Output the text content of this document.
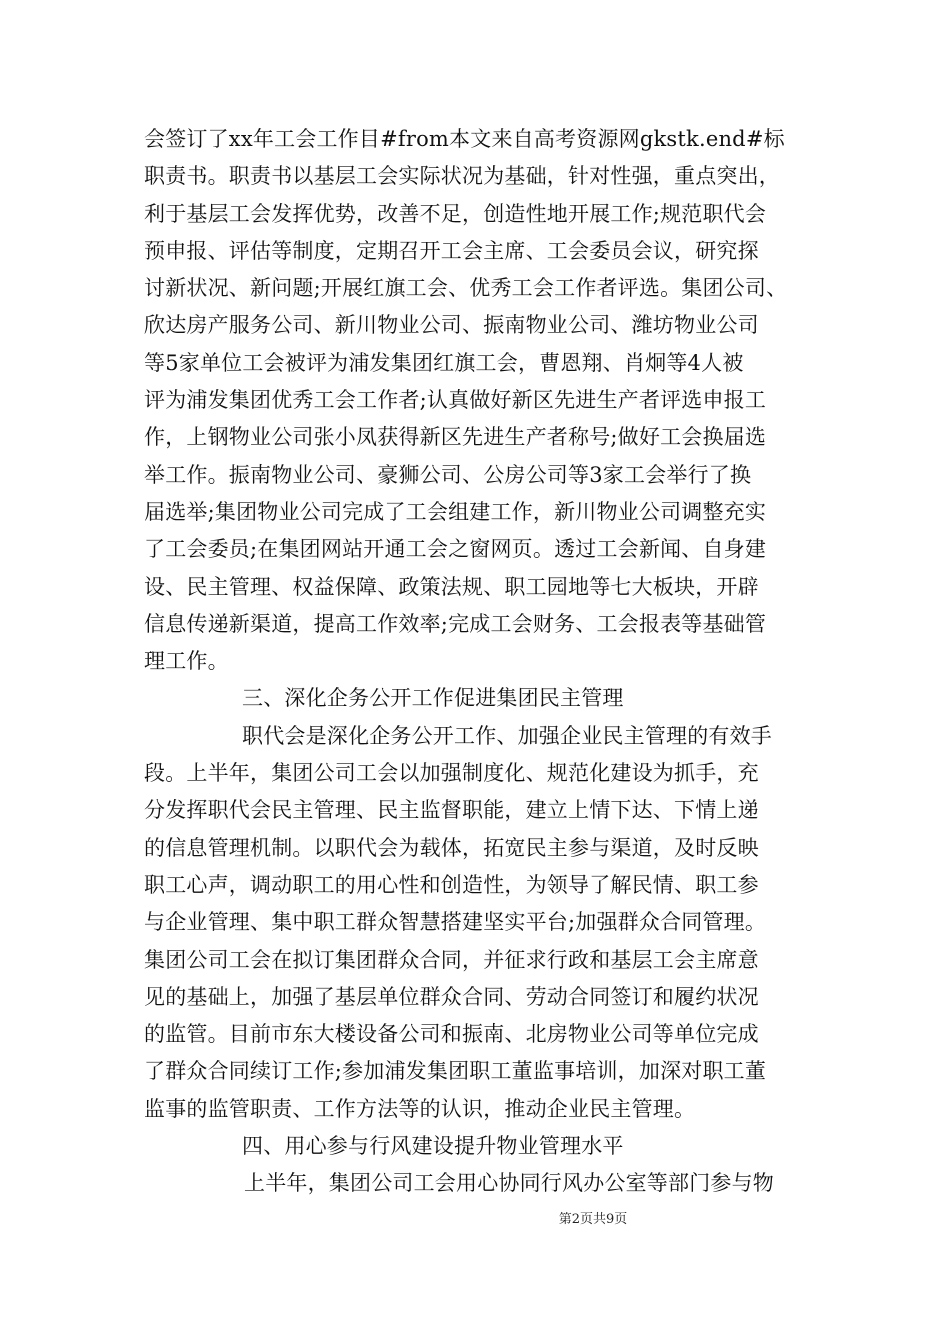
会签订了xx年工会工作目#from本文来自高考资源网gkstk.end#标
职责书。职责书以基层工会实际状况为基础，针对性强，重点突出，
利于基层工会发挥优势，改善不足，创造性地开展工作;规范职代会
预申报、评估等制度，定期召开工会主席、工会委员会议，研究探
讨新状况、新问题;开展红旗工会、优秀工会工作者评选。集团公司、
欣达房产服务公司、新川物业公司、振南物业公司、潍坊物业公司
等5家单位工会被评为浦发集团红旗工会，曹恩翔、肖炯等4人被
评为浦发集团优秀工会工作者;认真做好新区先进生产者评选申报工
作，上钢物业公司张小凤获得新区先进生产者称号;做好工会换届选
举工作。振南物业公司、豪狮公司、公房公司等3家工会举行了换
届选举;集团物业公司完成了工会组建工作，新川物业公司调整充实
了工会委员;在集团网站开通工会之窗网页。透过工会新闻、自身建
设、民主管理、权益保障、政策法规、职工园地等七大板块，开辟
信息传递新渠道，提高工作效率;完成工会财务、工会报表等基础管
理工作。
三、深化企务公开工作促进集团民主管理
职代会是深化企务公开工作、加强企业民主管理的有效手
段。上半年，集团公司工会以加强制度化、规范化建设为抓手，充
分发挥职代会民主管理、民主监督职能，建立上情下达、下情上递
的信息管理机制。以职代会为载体，拓宽民主参与渠道，及时反映
职工心声，调动职工的用心性和创造性，为领导了解民情、职工参
与企业管理、集中职工群众智慧搭建坚实平台;加强群众合同管理。
集团公司工会在拟订集团群众合同，并征求行政和基层工会主席意
见的基础上，加强了基层单位群众合同、劳动合同签订和履约状况
的监管。目前市东大楼设备公司和振南、北房物业公司等单位完成
了群众合同续订工作;参加浦发集团职工董监事培训，加深对职工董
监事的监管职责、工作方法等的认识，推动企业民主管理。
四、用心参与行风建设提升物业管理水平
上半年，集团公司工会用心协同行风办公室等部门参与物
第2页共9页
